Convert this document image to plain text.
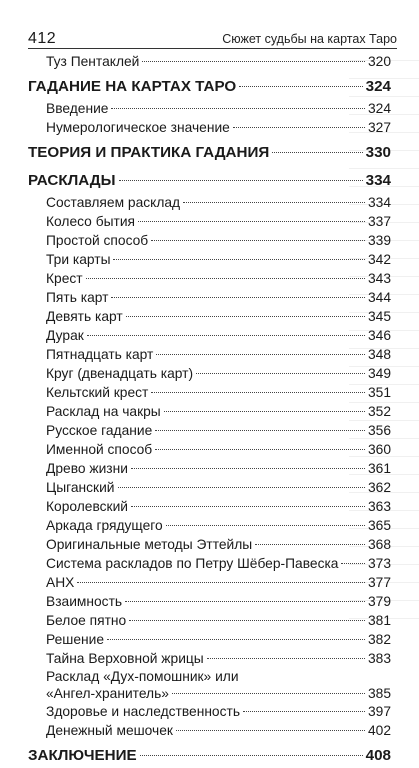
412	Сюжет судьбы на картах Таро
Туз Пентаклей	320
ГАДАНИЕ НА КАРТАХ ТАРО	324
Введение	324
Нумерологическое значение	327
ТЕОРИЯ И ПРАКТИКА ГАДАНИЯ	330
РАСКЛАДЫ	334
Составляем расклад	334
Колесо бытия	337
Простой способ	339
Три карты	342
Крест	343
Пять карт	344
Девять карт	345
Дурак	346
Пятнадцать карт	348
Круг (двенадцать карт)	349
Кельтский крест	351
Расклад на чакры	352
Русское гадание	356
Именной способ	360
Древо жизни	361
Цыганский	362
Королевский	363
Аркада грядущего	365
Оригинальные методы Эттейлы	368
Система раскладов по Петру Шёбер-Павеска 373
АНХ	377
Взаимность	379
Белое пятно	381
Решение	382
Тайна Верховной жрицы	383
Расклад «Дух-помошник» или
«Ангел-хранитель»	385
Здоровье и наследственность	397
Денежный мешочек	402
ЗАКЛЮЧЕНИЕ	408
